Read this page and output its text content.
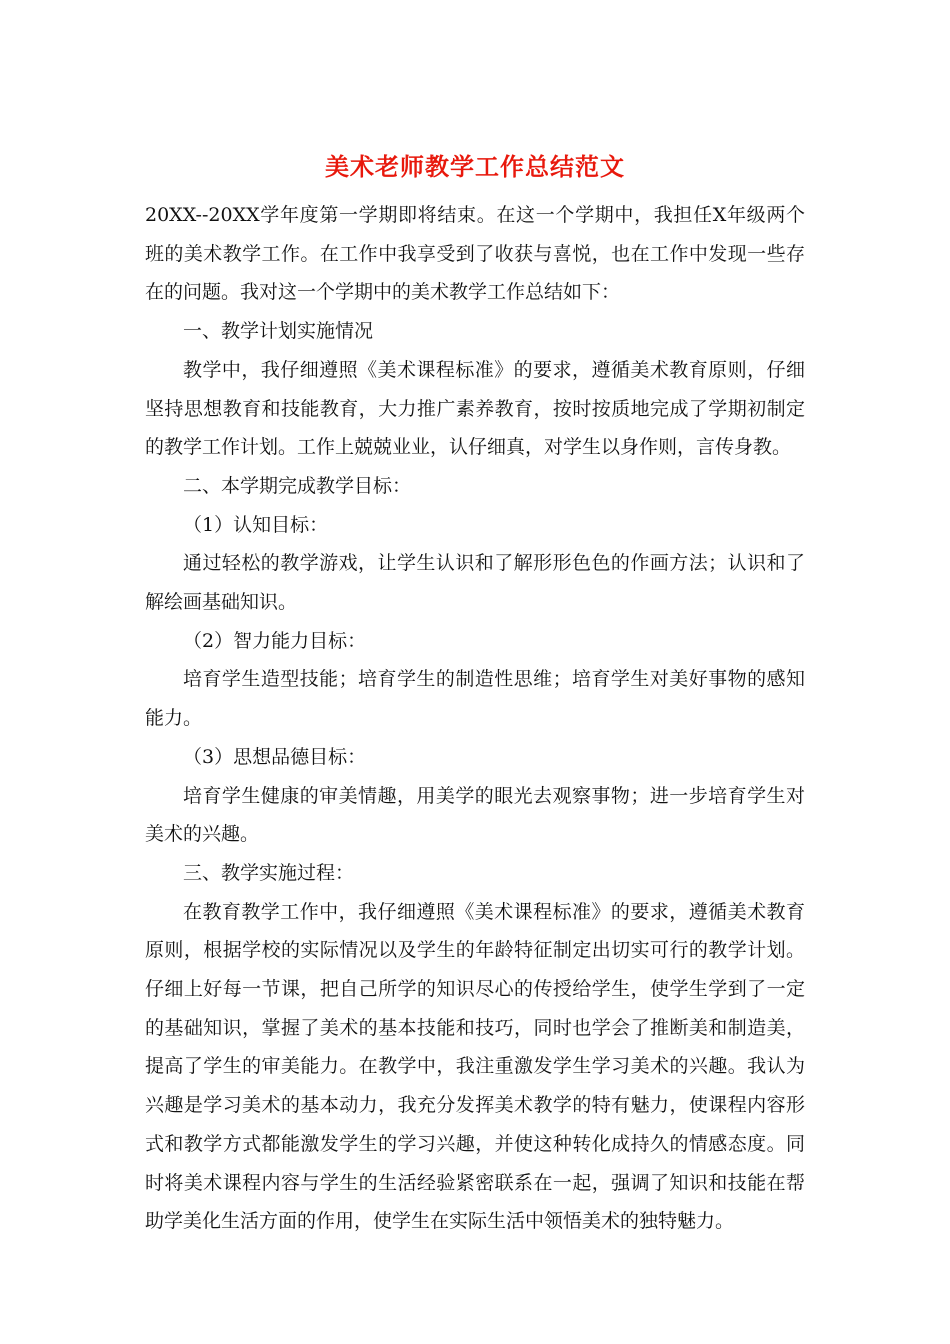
美术老师教学工作总结范文

20XX--20XX学年度第一学期即将结束。在这一个学期中，我担任X年级两个班的美术教学工作。在工作中我享受到了收获与喜悦，也在工作中发现一些存在的问题。我对这一个学期中的美术教学工作总结如下：

一、教学计划实施情况

教学中，我仔细遵照《美术课程标准》的要求，遵循美术教育原则，仔细坚持思想教育和技能教育，大力推广素养教育，按时按质地完成了学期初制定的教学工作计划。工作上兢兢业业，认仔细真，对学生以身作则，言传身教。

二、本学期完成教学目标：

（1）认知目标：

通过轻松的教学游戏，让学生认识和了解形形色色的作画方法；认识和了解绘画基础知识。

（2）智力能力目标：

培育学生造型技能；培育学生的制造性思维；培育学生对美好事物的感知能力。

（3）思想品德目标：

培育学生健康的审美情趣，用美学的眼光去观察事物；进一步培育学生对美术的兴趣。

三、教学实施过程：

在教育教学工作中，我仔细遵照《美术课程标准》的要求，遵循美术教育原则，根据学校的实际情况以及学生的年龄特征制定出切实可行的教学计划。仔细上好每一节课，把自己所学的知识尽心的传授给学生，使学生学到了一定的基础知识，掌握了美术的基本技能和技巧，同时也学会了推断美和制造美，提高了学生的审美能力。在教学中，我注重激发学生学习美术的兴趣。我认为兴趣是学习美术的基本动力，我充分发挥美术教学的特有魅力，使课程内容形式和教学方式都能激发学生的学习兴趣，并使这种转化成持久的情感态度。同时将美术课程内容与学生的生活经验紧密联系在一起，强调了知识和技能在帮助学美化生活方面的作用，使学生在实际生活中领悟美术的独特魅力。
